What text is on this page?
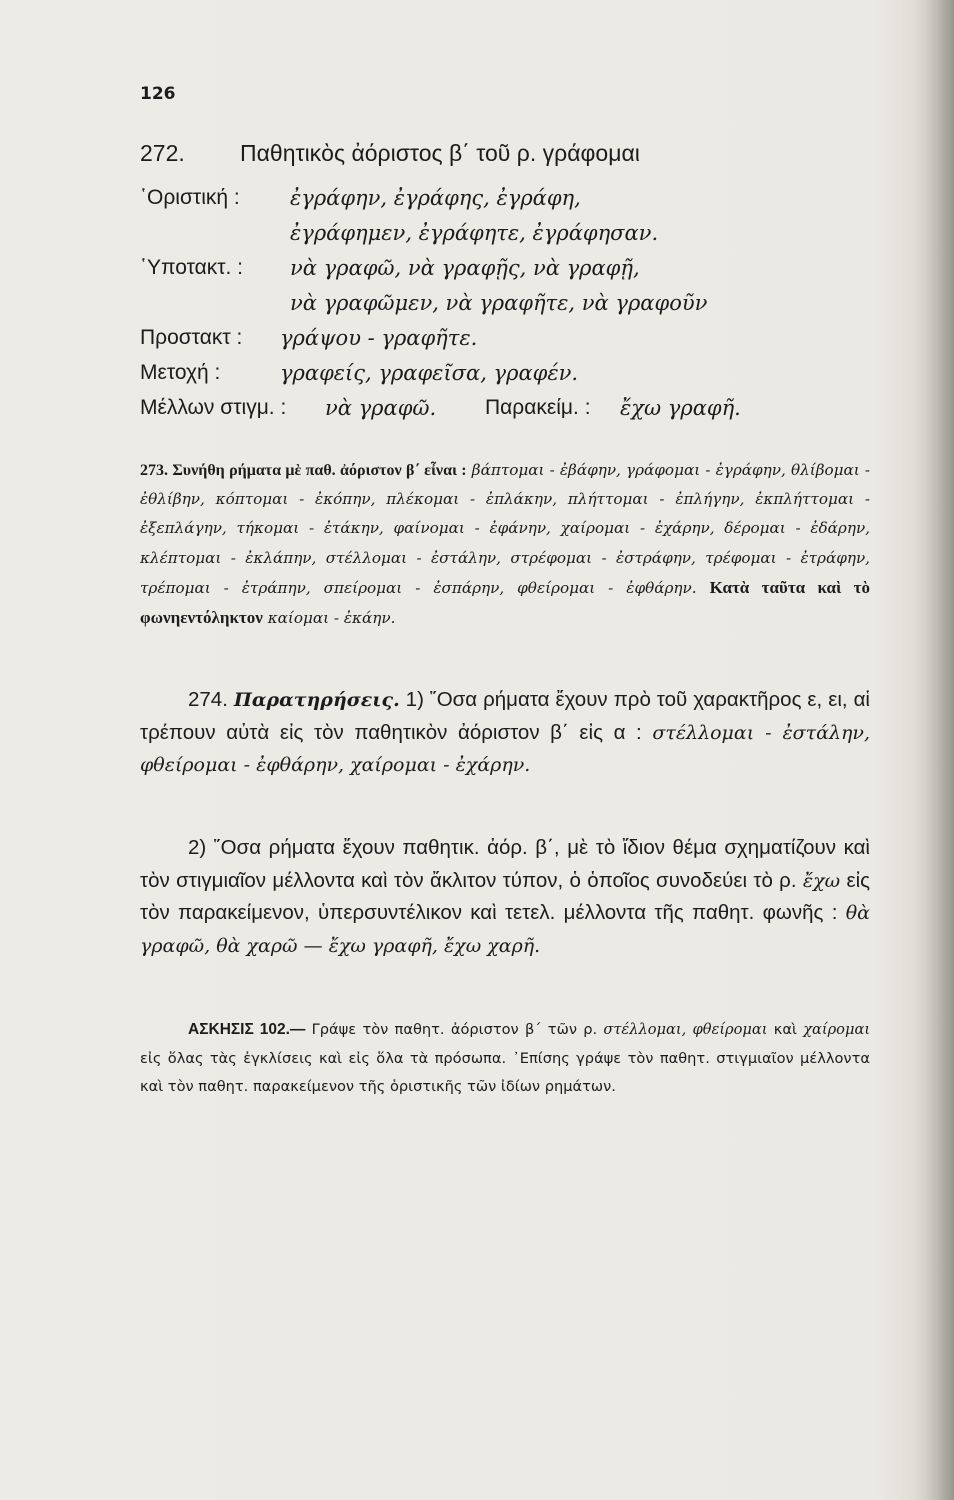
126
272. Παθητικὸς ἀόριστος β΄ τοῦ ρ. γράφομαι
῾Οριστική : ἐγράφην, ἐγράφης, ἐγράφη,
ἐγράφημεν, ἐγράφητε, ἐγράφησαν.
῾Υποτακτ. : νὰ γραφῶ, νὰ γραφῇς, νὰ γραφῇ,
νὰ γραφῶμεν, νὰ γραφῆτε, νὰ γραφοῦν
Προστακτ : γράψου - γραφῆτε.
Μετοχή :	γραφείς, γραφεῖσα, γραφέν.
Μέλλων στιγμ. : νὰ γραφῶ. Παρακείμ. : ἔχω γραφῆ.
273. Συνήθη ρήματα μὲ παθ. ἀόριστον β΄ εἶναι : βάπτομαι - ἐβάφην, γράφομαι - ἐγράφην, θλίβομαι - ἐθλίβην, κόπτομαι - ἐκόπην, πλέκομαι - ἐπλάκην, πλήττομαι - ἐπλήγην, ἐκπλήττομαι - ἐξεπλάγην, τήκομαι - ἐτάκην, φαίνομαι - ἐφάνην, χαίρομαι - ἐχάρην, δέρομαι - ἐδάρην, κλέπτομαι - ἐκλάπην, στέλλομαι - ἐστάλην, στρέφομαι - ἐστράφην, τρέφομαι - ἐτράφην, τρέπομαι - ἐτράπην, σπείρομαι - ἐσπάρην, φθείρομαι - ἐφθάρην. Κατὰ ταῦτα καὶ τὸ φωνηεντόληκτον καίομαι - ἐκάην.
274. Παρατηρήσεις. 1) ῞Οσα ρήματα ἔχουν πρὸ τοῦ χαρακτῆρος ε, ει, αἱ τρέπουν αὐτὰ εἰς τὸν παθητικὸν ἀόριστον β΄ εἰς α : στέλλομαι - ἐστάλην, φθείρομαι - ἐφθάρην, χαίρομαι - ἐχάρην.
2) ῞Οσα ρήματα ἔχουν παθητικ. ἀόρ. β΄, μὲ τὸ ἴδιον θέμα σχηματίζουν καὶ τὸν στιγμιαῖον μέλλοντα καὶ τὸν ἄκλιτον τύπον, ὁ ὁποῖος συνοδεύει τὸ ρ. ἔχω εἰς τὸν παρακείμενον, ὑπερσυντέλικον καὶ τετελ. μέλλοντα τῆς παθητ. φωνῆς : θὰ γραφῶ, θὰ χαρῶ — ἔχω γραφῆ, ἔχω χαρῆ.
ΑΣΚΗΣΙΣ 102.— Γράψε τὸν παθητ. ἀόριστον β΄ τῶν ρ. στέλλομαι, φθείρομαι καὶ χαίρομαι εἰς ὅλας τὰς ἐγκλίσεις καὶ εἰς ὅλα τὰ πρόσωπα. ᾽Επίσης γράψε τὸν παθητ. στιγμιαῖον μέλλοντα καὶ τὸν παθητ. παρακείμενον τῆς ὁριστικῆς τῶν ἰδίων ρημάτων.
